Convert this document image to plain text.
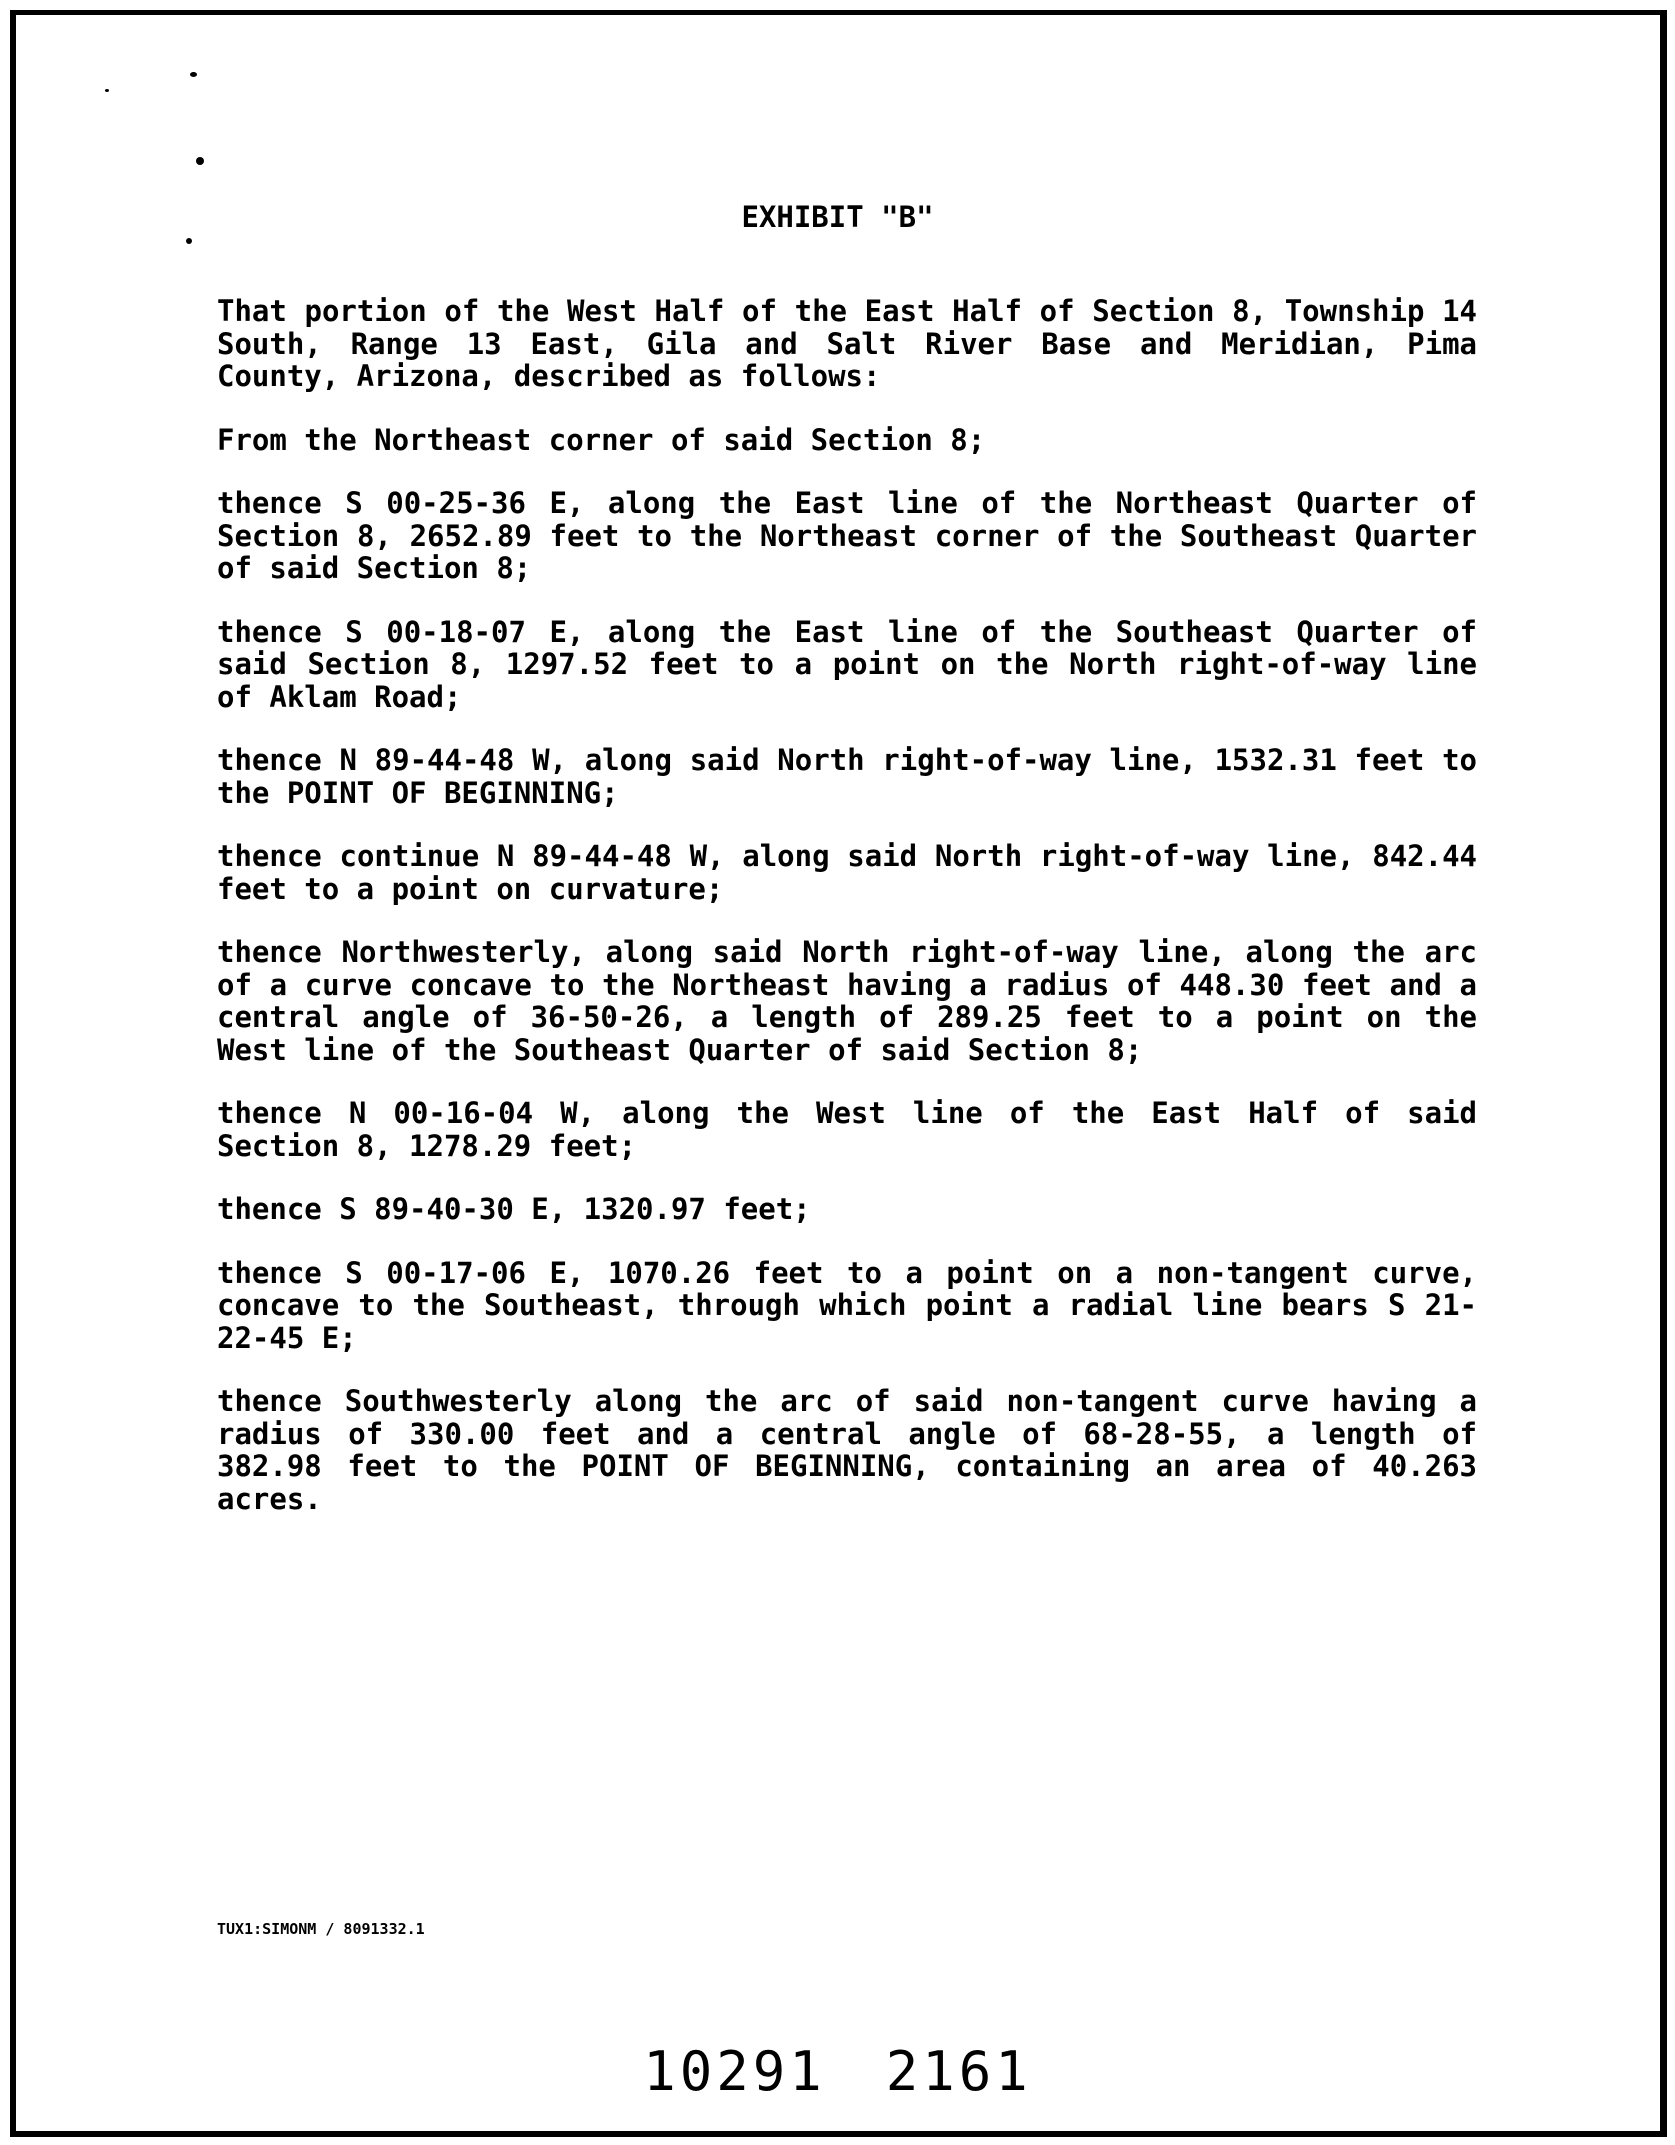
EXHIBIT "B"

That portion of the West Half of the East Half of Section 8, Township 14 South, Range 13 East, Gila and Salt River Base and Meridian, Pima County, Arizona, described as follows:

From the Northeast corner of said Section 8;

thence S 00-25-36 E, along the East line of the Northeast Quarter of Section 8, 2652.89 feet to the Northeast corner of the Southeast Quarter of said Section 8;

thence S 00-18-07 E, along the East line of the Southeast Quarter of said Section 8, 1297.52 feet to a point on the North right-of-way line of Aklam Road;

thence N 89-44-48 W, along said North right-of-way line, 1532.31 feet to the POINT OF BEGINNING;

thence continue N 89-44-48 W, along said North right-of-way line, 842.44 feet to a point on curvature;

thence Northwesterly, along said North right-of-way line, along the arc of a curve concave to the Northeast having a radius of 448.30 feet and a central angle of 36-50-26, a length of 289.25 feet to a point on the West line of the Southeast Quarter of said Section 8;

thence N 00-16-04 W, along the West line of the East Half of said Section 8, 1278.29 feet;

thence S 89-40-30 E, 1320.97 feet;

thence S 00-17-06 E, 1070.26 feet to a point on a non-tangent curve, concave to the Southeast, through which point a radial line bears S 21-22-45 E;

thence Southwesterly along the arc of said non-tangent curve having a radius of 330.00 feet and a central angle of 68-28-55, a length of 382.98 feet to the POINT OF BEGINNING, containing an area of 40.263 acres.

TUX1:SIMONM / 8091332.1
10291 2161
